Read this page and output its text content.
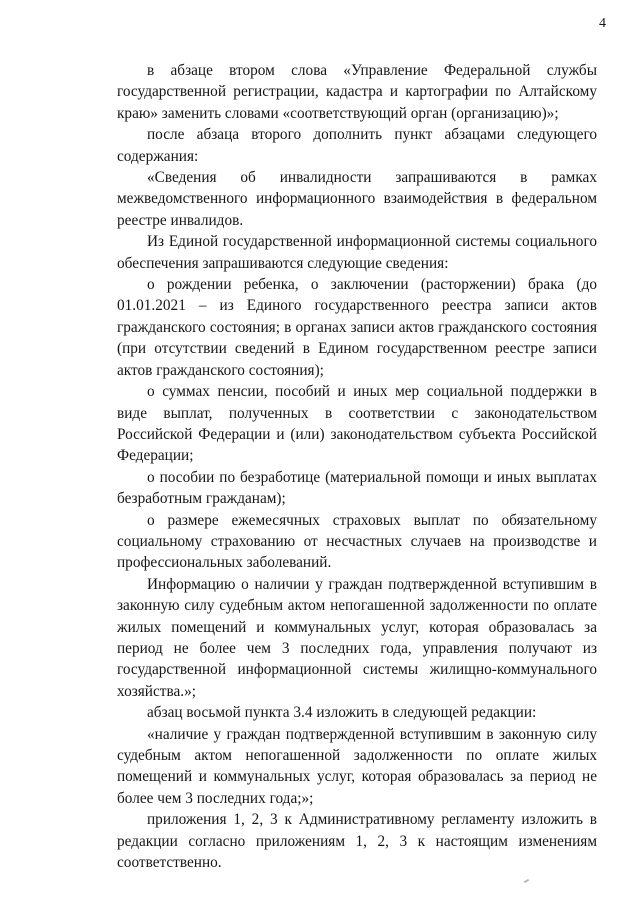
4

в абзаце втором слова «Управление Федеральной службы государственной регистрации, кадастра и картографии по Алтайскому краю» заменить словами «соответствующий орган (организацию)»;

после абзаца второго дополнить пункт абзацами следующего содержания:

«Сведения об инвалидности запрашиваются в рамках межведомственного информационного взаимодействия в федеральном реестре инвалидов.

Из Единой государственной информационной системы социального обеспечения запрашиваются следующие сведения:

о рождении ребенка, о заключении (расторжении) брака (до 01.01.2021 – из Единого государственного реестра записи актов гражданского состояния; в органах записи актов гражданского состояния (при отсутствии сведений в Едином государственном реестре записи актов гражданского состояния);

о суммах пенсии, пособий и иных мер социальной поддержки в виде выплат, полученных в соответствии с законодательством Российской Федерации и (или) законодательством субъекта Российской Федерации;

о пособии по безработице (материальной помощи и иных выплатах безработным гражданам);

о размере ежемесячных страховых выплат по обязательному социальному страхованию от несчастных случаев на производстве и профессиональных заболеваний.

Информацию о наличии у граждан подтвержденной вступившим в законную силу судебным актом непогашенной задолженности по оплате жилых помещений и коммунальных услуг, которая образовалась за период не более чем 3 последних года, управления получают из государственной информационной системы жилищно-коммунального хозяйства.»;

абзац восьмой пункта 3.4 изложить в следующей редакции:

«наличие у граждан подтвержденной вступившим в законную силу судебным актом непогашенной задолженности по оплате жилых помещений и коммунальных услуг, которая образовалась за период не более чем 3 последних года;»;

приложения 1, 2, 3 к Административному регламенту изложить в редакции согласно приложениям 1, 2, 3 к настоящим изменениям соответственно.
